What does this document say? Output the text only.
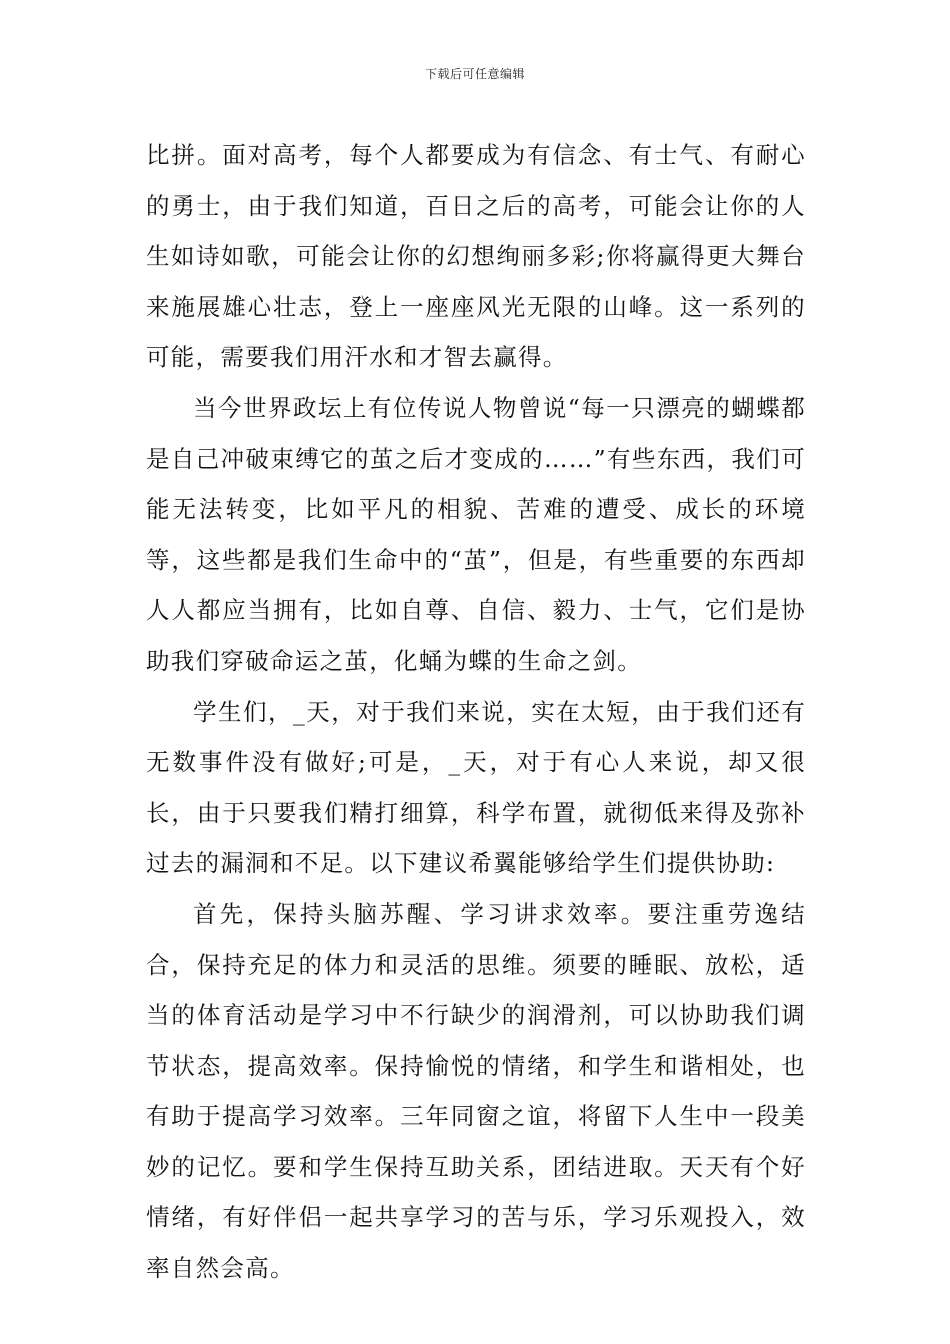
下载后可任意编辑

比拼。面对高考，每个人都要成为有信念、有士气、有耐心的勇士，由于我们知道，百日之后的高考，可能会让你的人生如诗如歌，可能会让你的幻想绚丽多彩;你将赢得更大舞台来施展雄心壮志，登上一座座风光无限的山峰。这一系列的可能，需要我们用汗水和才智去赢得。

当今世界政坛上有位传说人物曾说“每一只漂亮的蝴蝶都是自己冲破束缚它的茧之后才变成的……”有些东西，我们可能无法转变，比如平凡的相貌、苦难的遭受、成长的环境等，这些都是我们生命中的“茧”，但是，有些重要的东西却人人都应当拥有，比如自尊、自信、毅力、士气，它们是协助我们穿破命运之茧，化蛹为蝶的生命之剑。

学生们，_天，对于我们来说，实在太短，由于我们还有无数事件没有做好;可是，_天，对于有心人来说，却又很长，由于只要我们精打细算，科学布置，就彻低来得及弥补过去的漏洞和不足。以下建议希翼能够给学生们提供协助:

首先，保持头脑苏醒、学习讲求效率。要注重劳逸结合，保持充足的体力和灵活的思维。须要的睡眠、放松，适当的体育活动是学习中不行缺少的润滑剂，可以协助我们调节状态，提高效率。保持愉悦的情绪，和学生和谐相处，也有助于提高学习效率。三年同窗之谊，将留下人生中一段美妙的记忆。要和学生保持互助关系，团结进取。天天有个好情绪，有好伴侣一起共享学习的苦与乐，学习乐观投入，效率自然会高。
